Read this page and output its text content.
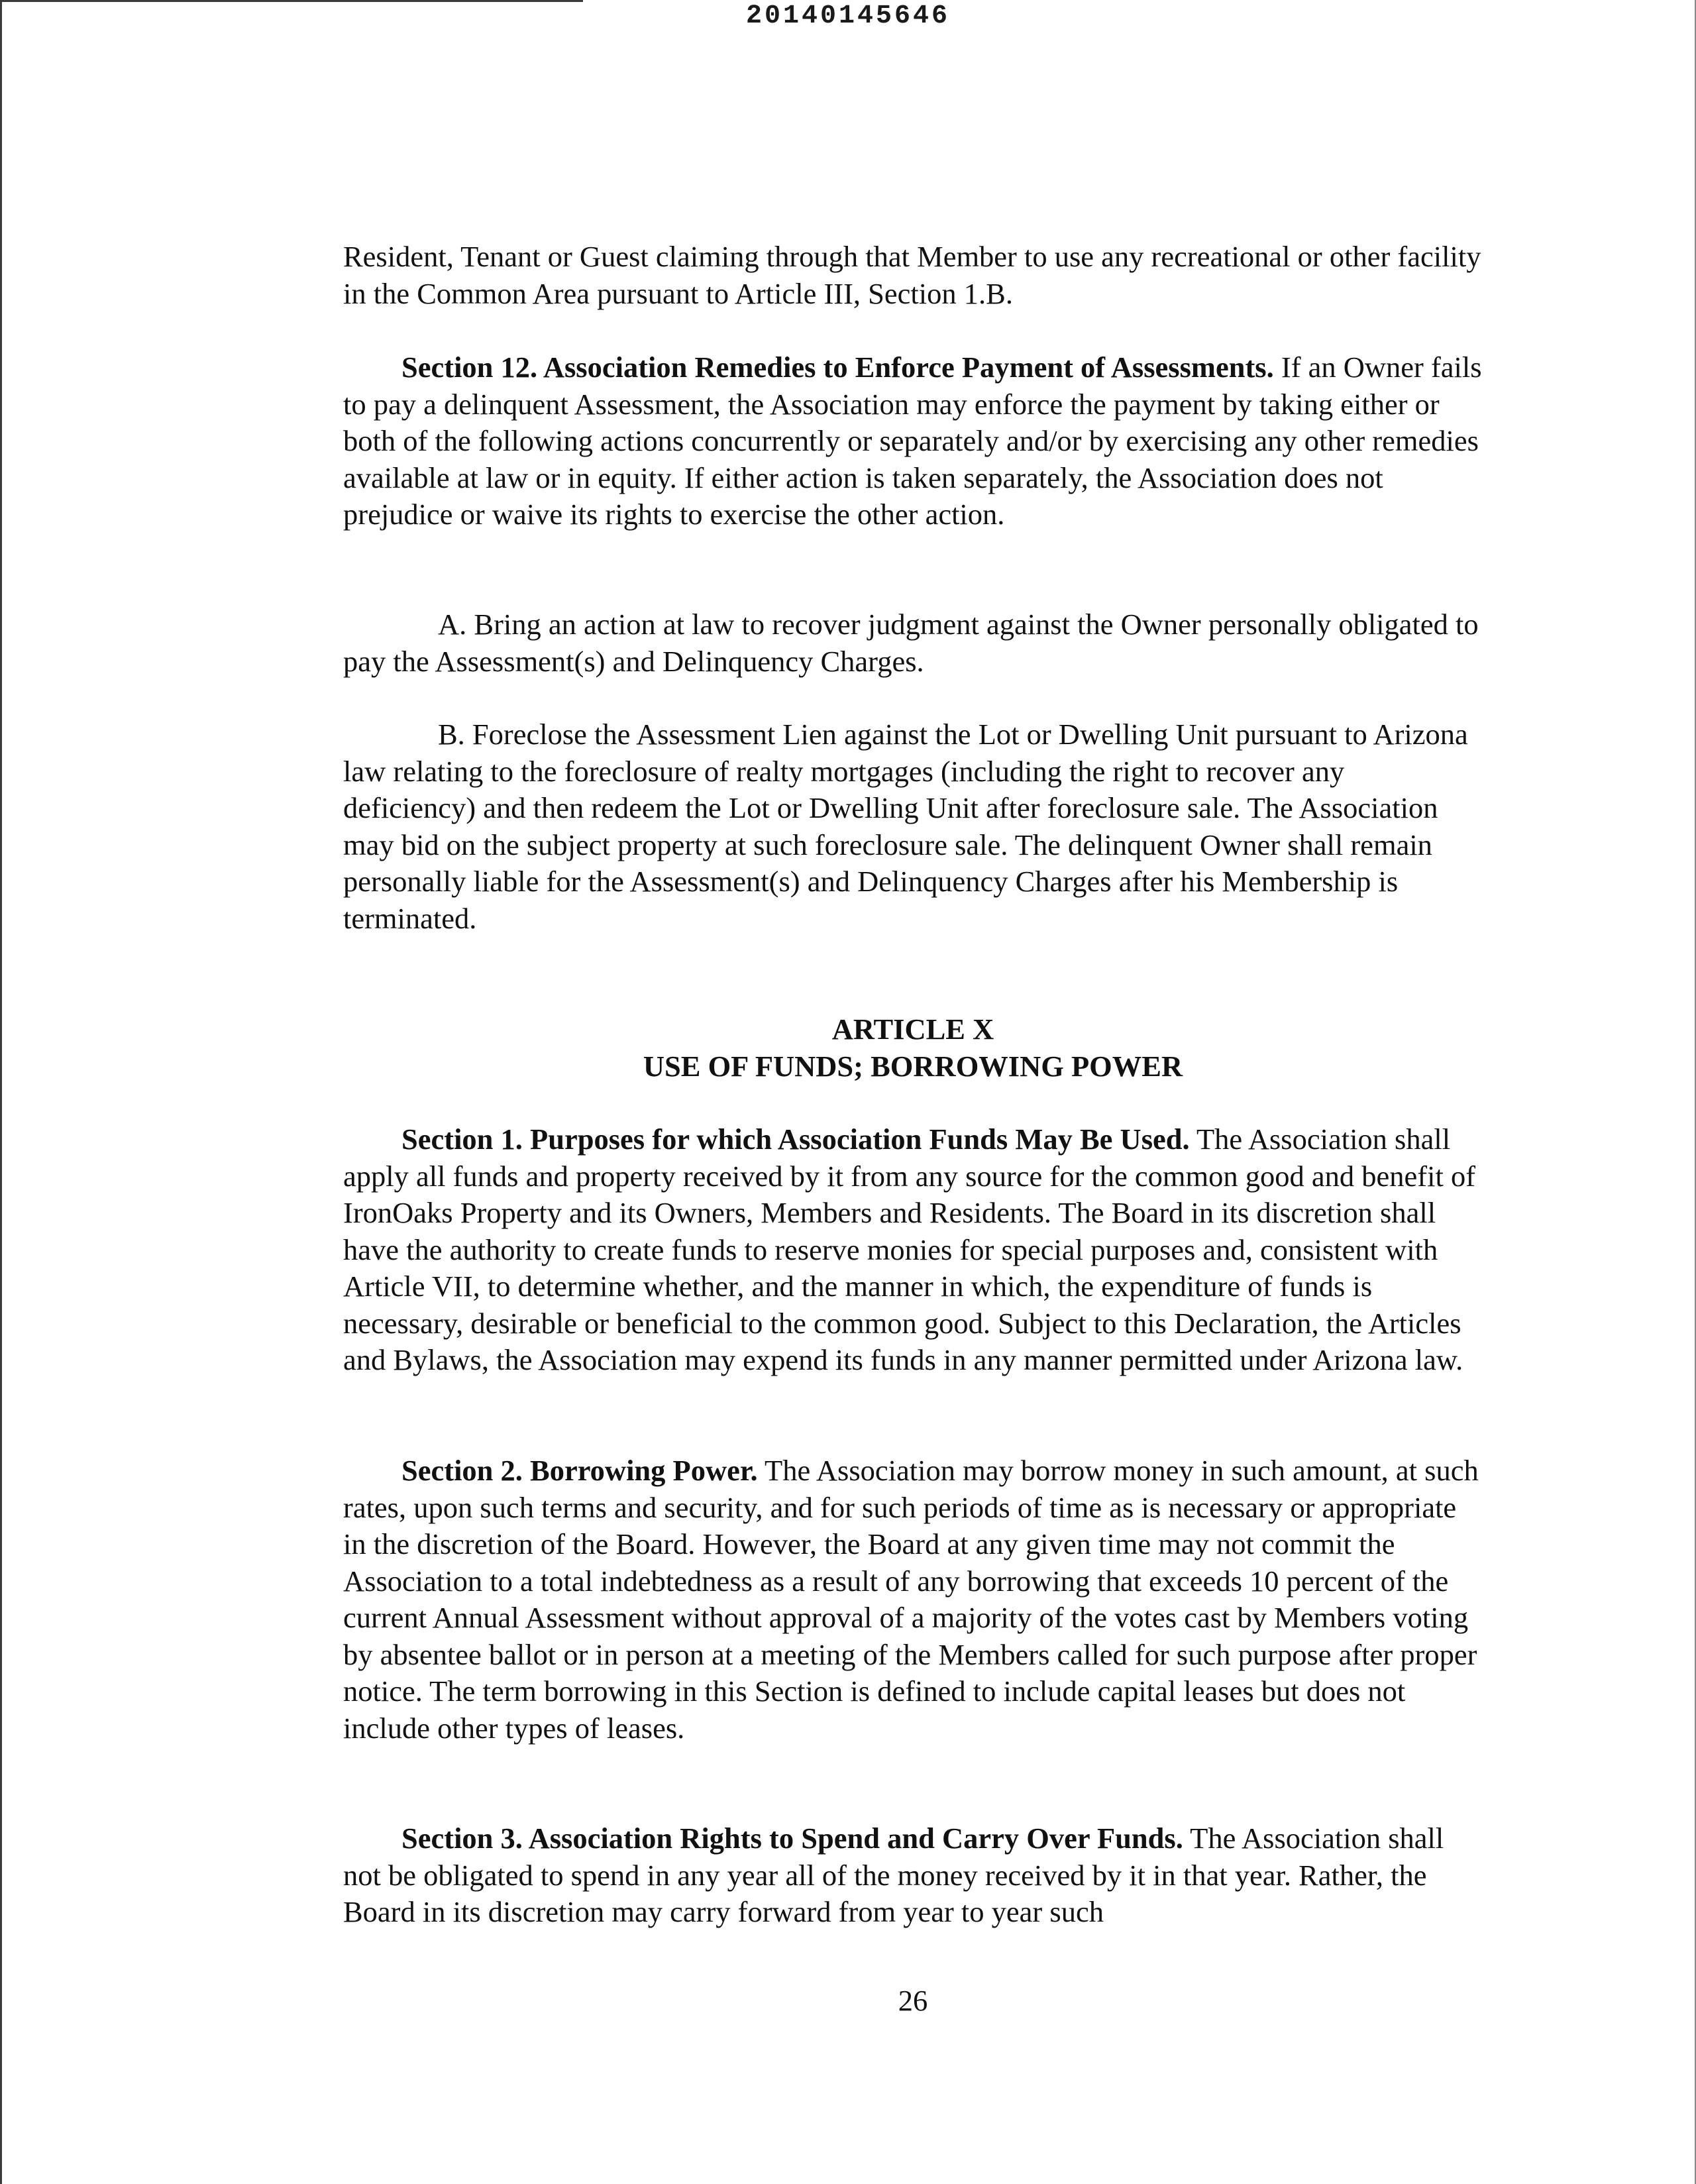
20140145646

Resident, Tenant or Guest claiming through that Member to use any recreational or other facility in the Common Area pursuant to Article III, Section 1.B.

Section 12. Association Remedies to Enforce Payment of Assessments. If an Owner fails to pay a delinquent Assessment, the Association may enforce the payment by taking either or both of the following actions concurrently or separately and/or by exercising any other remedies available at law or in equity. If either action is taken separately, the Association does not prejudice or waive its rights to exercise the other action.

A. Bring an action at law to recover judgment against the Owner personally obligated to pay the Assessment(s) and Delinquency Charges.

B. Foreclose the Assessment Lien against the Lot or Dwelling Unit pursuant to Arizona law relating to the foreclosure of realty mortgages (including the right to recover any deficiency) and then redeem the Lot or Dwelling Unit after foreclosure sale. The Association may bid on the subject property at such foreclosure sale. The delinquent Owner shall remain personally liable for the Assessment(s) and Delinquency Charges after his Membership is terminated.

ARTICLE X

USE OF FUNDS; BORROWING POWER

Section 1. Purposes for which Association Funds May Be Used. The Association shall apply all funds and property received by it from any source for the common good and benefit of IronOaks Property and its Owners, Members and Residents. The Board in its discretion shall have the authority to create funds to reserve monies for special purposes and, consistent with Article VII, to determine whether, and the manner in which, the expenditure of funds is necessary, desirable or beneficial to the common good. Subject to this Declaration, the Articles and Bylaws, the Association may expend its funds in any manner permitted under Arizona law.

Section 2. Borrowing Power. The Association may borrow money in such amount, at such rates, upon such terms and security, and for such periods of time as is necessary or appropriate in the discretion of the Board. However, the Board at any given time may not commit the Association to a total indebtedness as a result of any borrowing that exceeds 10 percent of the current Annual Assessment without approval of a majority of the votes cast by Members voting by absentee ballot or in person at a meeting of the Members called for such purpose after proper notice. The term borrowing in this Section is defined to include capital leases but does not include other types of leases.

Section 3. Association Rights to Spend and Carry Over Funds. The Association shall not be obligated to spend in any year all of the money received by it in that year. Rather, the Board in its discretion may carry forward from year to year such

26
